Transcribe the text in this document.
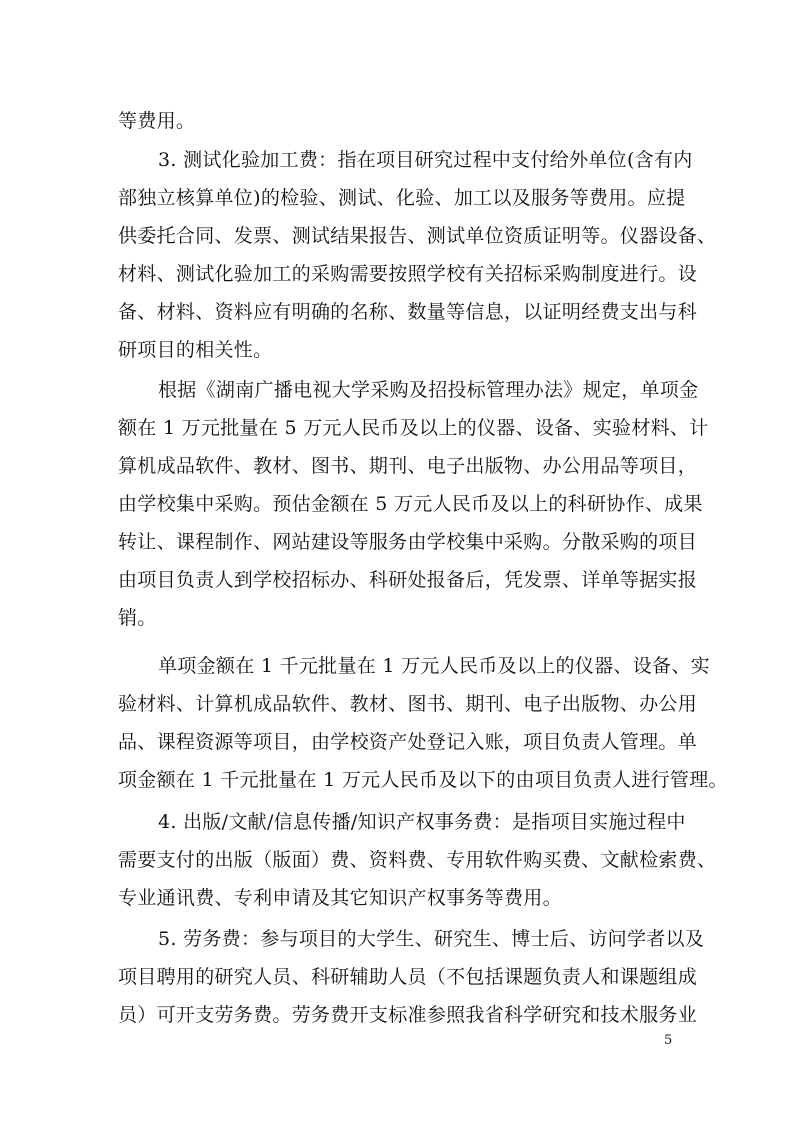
等费用。
3. 测试化验加工费：指在项目研究过程中支付给外单位(含有内
部独立核算单位)的检验、测试、化验、加工以及服务等费用。应提
供委托合同、发票、测试结果报告、测试单位资质证明等。仪器设备、
材料、测试化验加工的采购需要按照学校有关招标采购制度进行。设
备、材料、资料应有明确的名称、数量等信息，以证明经费支出与科
研项目的相关性。
根据《湖南广播电视大学采购及招投标管理办法》规定，单项金
额在 1 万元批量在 5 万元人民币及以上的仪器、设备、实验材料、计
算机成品软件、教材、图书、期刊、电子出版物、办公用品等项目，
由学校集中采购。预估金额在 5 万元人民币及以上的科研协作、成果
转让、课程制作、网站建设等服务由学校集中采购。分散采购的项目
由项目负责人到学校招标办、科研处报备后，凭发票、详单等据实报
销。
单项金额在 1 千元批量在 1 万元人民币及以上的仪器、设备、实
验材料、计算机成品软件、教材、图书、期刊、电子出版物、办公用
品、课程资源等项目，由学校资产处登记入账，项目负责人管理。单
项金额在 1 千元批量在 1 万元人民币及以下的由项目负责人进行管理。
4. 出版/文献/信息传播/知识产权事务费：是指项目实施过程中
需要支付的出版（版面）费、资料费、专用软件购买费、文献检索费、
专业通讯费、专利申请及其它知识产权事务等费用。
5. 劳务费：参与项目的大学生、研究生、博士后、访问学者以及
项目聘用的研究人员、科研辅助人员（不包括课题负责人和课题组成
员）可开支劳务费。劳务费开支标准参照我省科学研究和技术服务业
5
